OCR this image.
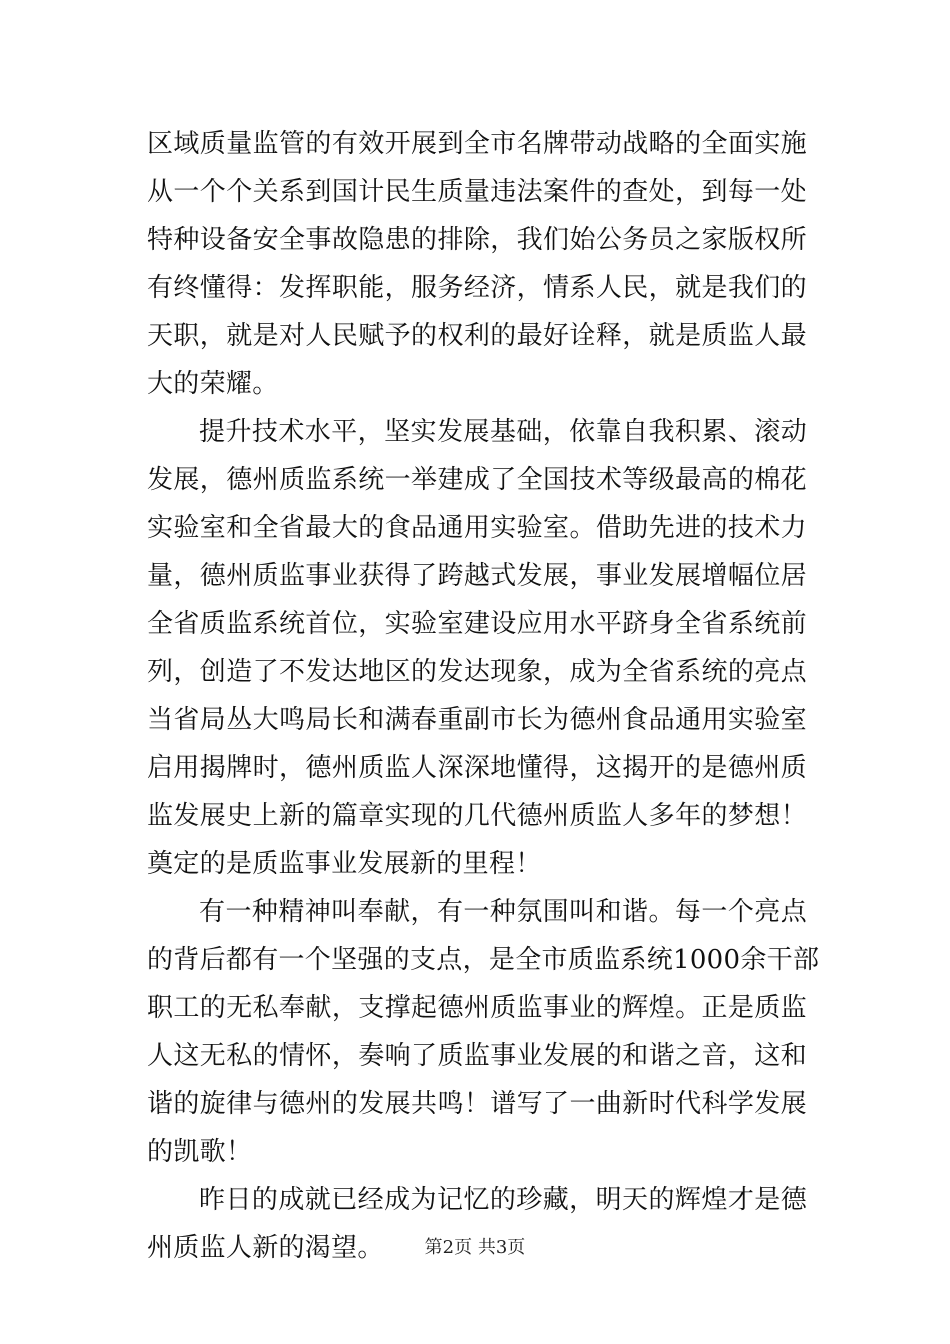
区域质量监管的有效开展到全市名牌带动战略的全面实施
从一个个关系到国计民生质量违法案件的查处，到每一处
特种设备安全事故隐患的排除，我们始公务员之家版权所
有终懂得：发挥职能，服务经济，情系人民，就是我们的
天职，就是对人民赋予的权利的最好诠释，就是质监人最
大的荣耀。
提升技术水平，坚实发展基础，依靠自我积累、滚动
发展，德州质监系统一举建成了全国技术等级最高的棉花
实验室和全省最大的食品通用实验室。借助先进的技术力
量，德州质监事业获得了跨越式发展，事业发展增幅位居
全省质监系统首位，实验室建设应用水平跻身全省系统前
列，创造了不发达地区的发达现象，成为全省系统的亮点
当省局丛大鸣局长和满春重副市长为德州食品通用实验室
启用揭牌时，德州质监人深深地懂得，这揭开的是德州质
监发展史上新的篇章实现的几代德州质监人多年的梦想！
奠定的是质监事业发展新的里程！
有一种精神叫奉献，有一种氛围叫和谐。每一个亮点
的背后都有一个坚强的支点，是全市质监系统1000余干部
职工的无私奉献，支撑起德州质监事业的辉煌。正是质监
人这无私的情怀，奏响了质监事业发展的和谐之音，这和
谐的旋律与德州的发展共鸣！谱写了一曲新时代科学发展
的凯歌！
昨日的成就已经成为记忆的珍藏，明天的辉煌才是德
州质监人新的渴望。	第2页 共3页
